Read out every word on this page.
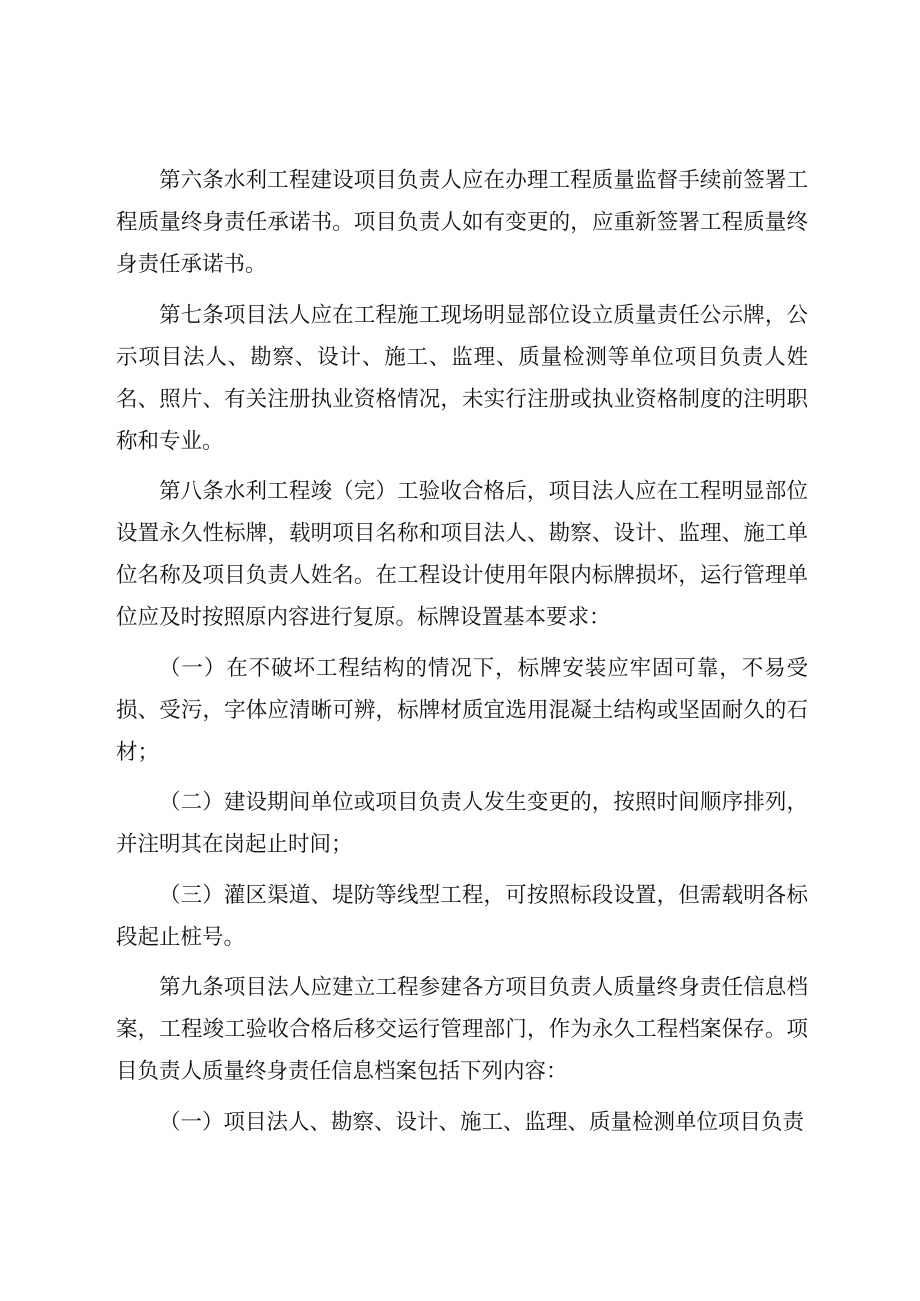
第六条水利工程建设项目负责人应在办理工程质量监督手续前签署工程质量终身责任承诺书。项目负责人如有变更的，应重新签署工程质量终身责任承诺书。

第七条项目法人应在工程施工现场明显部位设立质量责任公示牌，公示项目法人、勘察、设计、施工、监理、质量检测等单位项目负责人姓名、照片、有关注册执业资格情况，未实行注册或执业资格制度的注明职称和专业。

第八条水利工程竣（完）工验收合格后，项目法人应在工程明显部位设置永久性标牌，载明项目名称和项目法人、勘察、设计、监理、施工单位名称及项目负责人姓名。在工程设计使用年限内标牌损坏，运行管理单位应及时按照原内容进行复原。标牌设置基本要求：

（一）在不破坏工程结构的情况下，标牌安装应牢固可靠，不易受损、受污，字体应清晰可辨，标牌材质宜选用混凝土结构或坚固耐久的石材；

（二）建设期间单位或项目负责人发生变更的，按照时间顺序排列，并注明其在岗起止时间；

（三）灌区渠道、堤防等线型工程，可按照标段设置，但需载明各标段起止桩号。

第九条项目法人应建立工程参建各方项目负责人质量终身责任信息档案，工程竣工验收合格后移交运行管理部门，作为永久工程档案保存。项目负责人质量终身责任信息档案包括下列内容：

（一）项目法人、勘察、设计、施工、监理、质量检测单位项目负责
